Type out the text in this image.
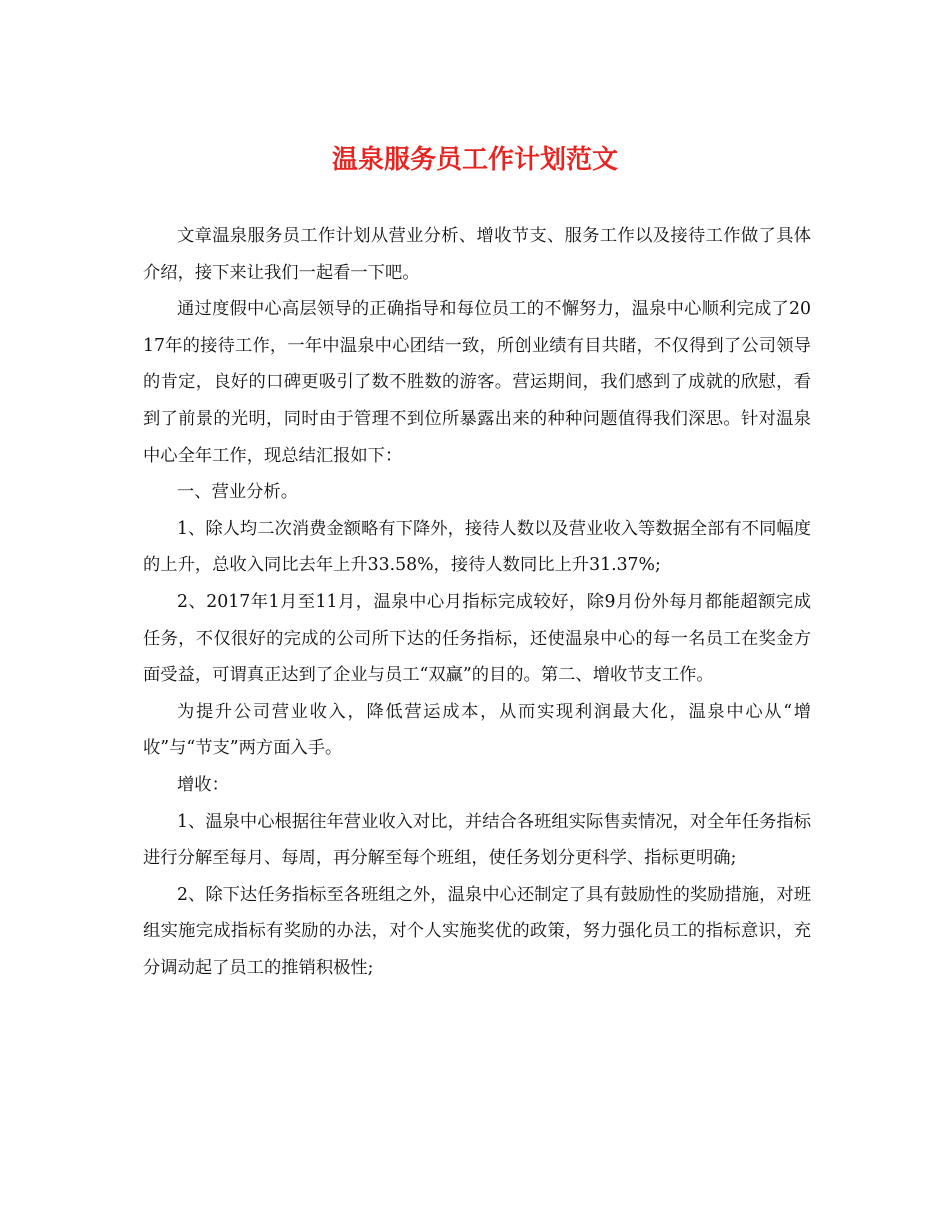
温泉服务员工作计划范文

文章温泉服务员工作计划从营业分析、增收节支、服务工作以及接待工作做了具体介绍，接下来让我们一起看一下吧。

通过度假中心高层领导的正确指导和每位员工的不懈努力，温泉中心顺利完成了2017年的接待工作，一年中温泉中心团结一致，所创业绩有目共睹，不仅得到了公司领导的肯定，良好的口碑更吸引了数不胜数的游客。营运期间，我们感到了成就的欣慰，看到了前景的光明，同时由于管理不到位所暴露出来的种种问题值得我们深思。针对温泉中心全年工作，现总结汇报如下：

一、营业分析。

1、除人均二次消费金额略有下降外，接待人数以及营业收入等数据全部有不同幅度的上升，总收入同比去年上升33.58%，接待人数同比上升31.37%;

2、2017年1月至11月，温泉中心月指标完成较好，除9月份外每月都能超额完成任务，不仅很好的完成的公司所下达的任务指标，还使温泉中心的每一名员工在奖金方面受益，可谓真正达到了企业与员工“双赢”的目的。第二、增收节支工作。

为提升公司营业收入，降低营运成本，从而实现利润最大化，温泉中心从“增收”与“节支”两方面入手。

增收：

1、温泉中心根据往年营业收入对比，并结合各班组实际售卖情况，对全年任务指标进行分解至每月、每周，再分解至每个班组，使任务划分更科学、指标更明确;

2、除下达任务指标至各班组之外，温泉中心还制定了具有鼓励性的奖励措施，对班组实施完成指标有奖励的办法，对个人实施奖优的政策，努力强化员工的指标意识，充分调动起了员工的推销积极性;
